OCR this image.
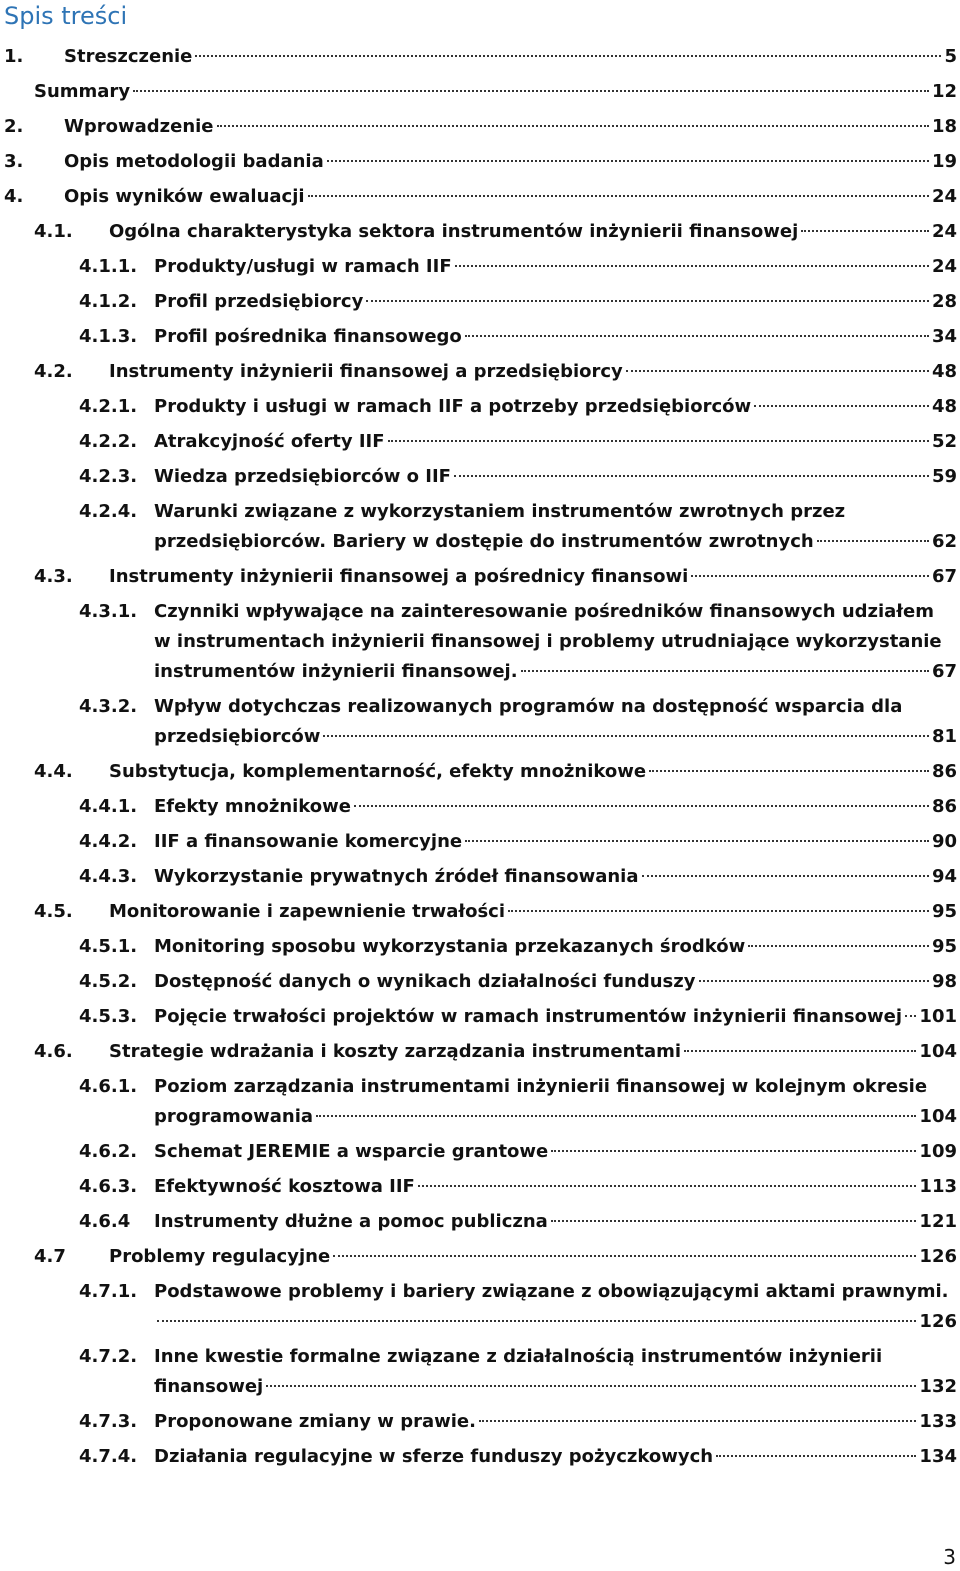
Spis treści
1. Streszczenie	5
Summary	12
2. Wprowadzenie	18
3. Opis metodologii badania	19
4. Opis wyników ewaluacji	24
4.1. Ogólna charakterystyka sektora instrumentów inżynierii finansowej	24
4.1.1. Produkty/usługi w ramach IIF	24
4.1.2. Profil przedsiębiorcy	28
4.1.3. Profil pośrednika finansowego	34
4.2. Instrumenty inżynierii finansowej a przedsiębiorcy	48
4.2.1. Produkty i usługi w ramach IIF a potrzeby przedsiębiorców	48
4.2.2. Atrakcyjność oferty IIF	52
4.2.3. Wiedza przedsiębiorców o IIF	59
4.2.4. Warunki związane z wykorzystaniem instrumentów zwrotnych przez
przedsiębiorców. Bariery w dostępie do instrumentów zwrotnych	62
4.3. Instrumenty inżynierii finansowej a pośrednicy finansowi	67
4.3.1. Czynniki wpływające na zainteresowanie pośredników finansowych udziałem
w instrumentach inżynierii finansowej i problemy utrudniające wykorzystanie
instrumentów inżynierii finansowej.	67
4.3.2. Wpływ dotychczas realizowanych programów na dostępność wsparcia dla
przedsiębiorców	81
4.4. Substytucja, komplementarność, efekty mnożnikowe	86
4.4.1. Efekty mnożnikowe	86
4.4.2. IIF a finansowanie komercyjne	90
4.4.3. Wykorzystanie prywatnych źródeł finansowania	94
4.5. Monitorowanie i zapewnienie trwałości	95
4.5.1. Monitoring sposobu wykorzystania przekazanych środków	95
4.5.2. Dostępność danych o wynikach działalności funduszy	98
4.5.3. Pojęcie trwałości projektów w ramach instrumentów inżynierii finansowej 101
4.6. Strategie wdrażania i koszty zarządzania instrumentami	104
4.6.1. Poziom zarządzania instrumentami inżynierii finansowej w kolejnym okresie
programowania	104
4.6.2. Schemat JEREMIE a wsparcie grantowe	109
4.6.3. Efektywność kosztowa IIF	113
4.6.4 Instrumenty dłużne a pomoc publiczna	121
4.7 Problemy regulacyjne	126
4.7.1. Podstawowe problemy i bariery związane z obowiązującymi aktami prawnymi.
126
4.7.2. Inne kwestie formalne związane z działalnością instrumentów inżynierii
finansowej	132
4.7.3. Proponowane zmiany w prawie.	133
4.7.4. Działania regulacyjne w sferze funduszy pożyczkowych	134
3
